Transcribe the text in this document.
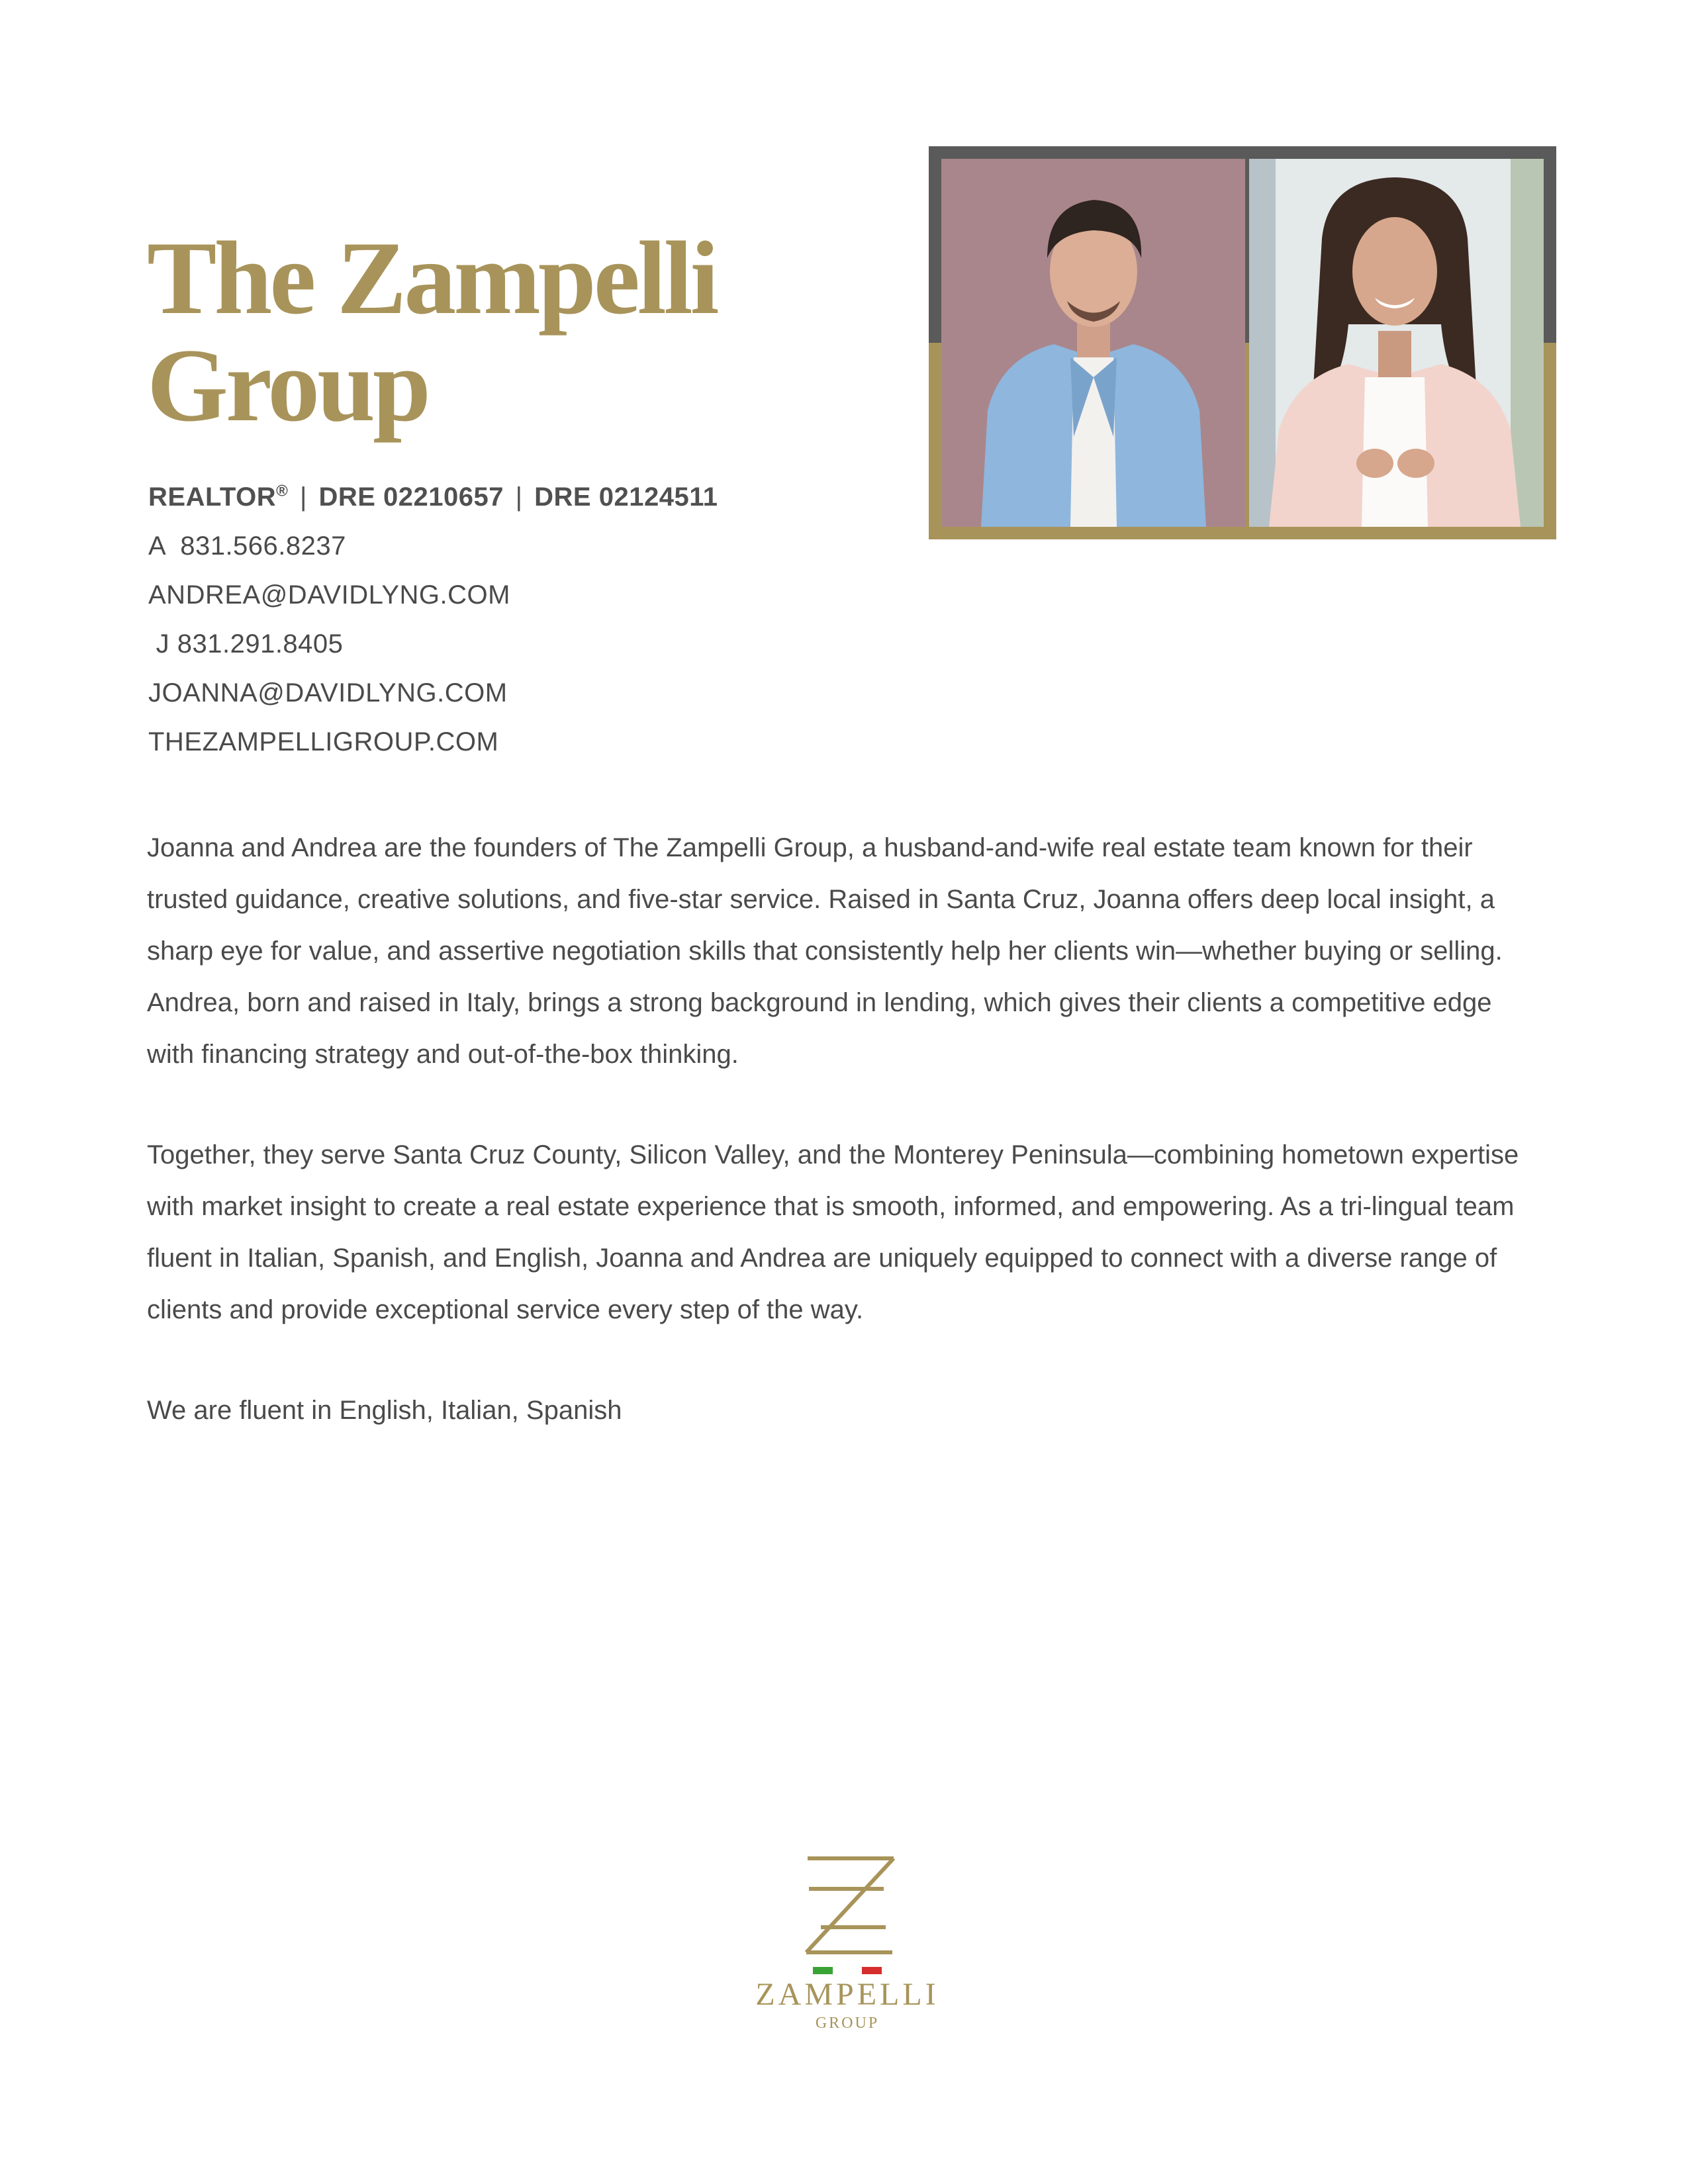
The Zampelli
Group
REALTOR® | DRE 02210657 | DRE 02124511
A  831.566.8237
ANDREA@DAVIDLYNG.COM
J 831.291.8405
JOANNA@DAVIDLYNG.COM
THEZAMPELLIGROUP.COM

Joanna and Andrea are the founders of The Zampelli Group, a husband-and-wife real estate team known for their trusted guidance, creative solutions, and five-star service. Raised in Santa Cruz, Joanna offers deep local insight, a sharp eye for value, and assertive negotiation skills that consistently help her clients win—whether buying or selling. Andrea, born and raised in Italy, brings a strong background in lending, which gives their clients a competitive edge with financing strategy and out-of-the-box thinking.

Together, they serve Santa Cruz County, Silicon Valley, and the Monterey Peninsula—combining hometown expertise with market insight to create a real estate experience that is smooth, informed, and empowering. As a tri-lingual team fluent in Italian, Spanish, and English, Joanna and Andrea are uniquely equipped to connect with a diverse range of clients and provide exceptional service every step of the way.

We are fluent in English, Italian, Spanish

ZAMPELLI
GROUP
